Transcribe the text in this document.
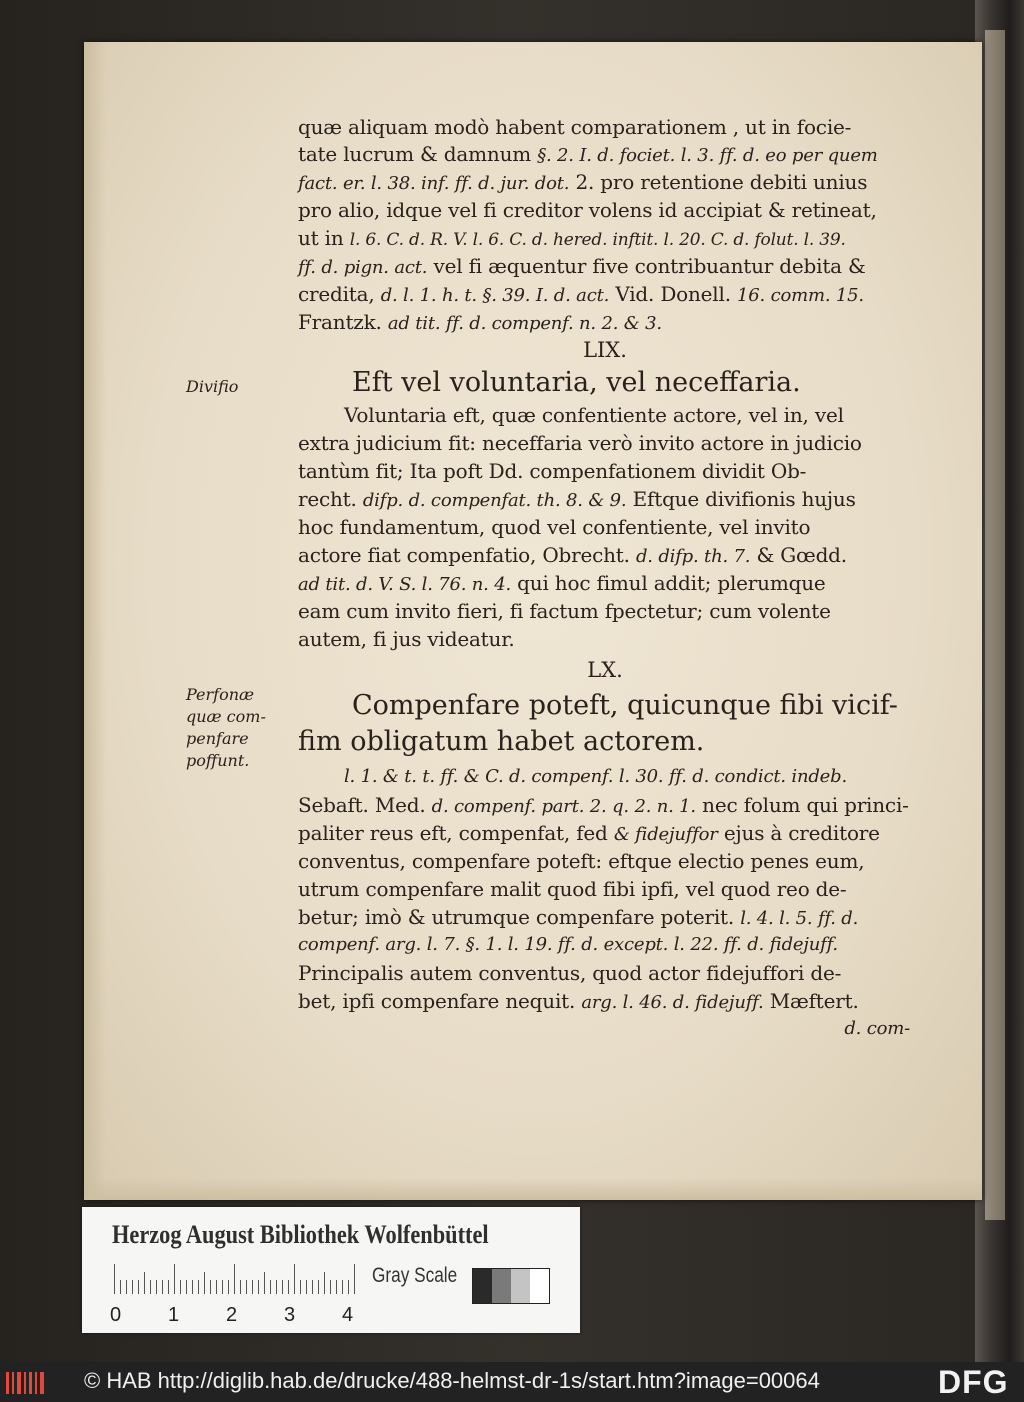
quæ aliquam modò habent comparationem , ut in focie-
tate lucrum & damnum §. 2. I. d. fociet. l. 3. ff. d. eo per quem
fact. er. l. 38. inf. ff. d. jur. dot. 2. pro retentione debiti unius
pro alio, idque vel fi creditor volens id accipiat & retineat,
ut in l. 6. C. d. R. V. l. 6. C. d. hered. inftit. l. 20. C. d. folut. l. 39.
ff. d. pign. act. vel fi æquentur five contribuantur debita &
credita, d. l. 1. h. t. §. 39. I. d. act. Vid. Donell. 16. comm. 15.
Frantzk. ad tit. ff. d. compenf. n. 2. & 3.
LIX.
Divifio	Eft vel voluntaria, vel neceffaria.
Voluntaria eft, quæ confentiente actore, vel in, vel
extra judicium fit: neceffaria verò invito actore in judicio
tantùm fit; Ita poft Dd. compenfationem dividit Ob-
recht. difp. d. compenfat. th. 8. & 9. Eftque divifionis hujus
hoc fundamentum, quod vel confentiente, vel invito
actore fiat compenfatio, Obrecht. d. difp. th. 7. & Gœdd.
ad tit. d. V. S. l. 76. n. 4. qui hoc fimul addit; plerumque
eam cum invito fieri, fi factum fpectetur; cum volente
autem, fi jus videatur.
LX.
Perfonæ
quæ com-
penfare
poffunt.
Compenfare poteft, quicunque fibi vicif-
fim obligatum habet actorem.
l. 1. & t. t. ff. & C. d. compenf. l. 30. ff. d. condict. indeb.
Sebaft. Med. d. compenf. part. 2. q. 2. n. 1. nec folum qui princi-
paliter reus eft, compenfat, fed & fidejuffor ejus à creditore
conventus, compenfare poteft: eftque electio penes eum,
utrum compenfare malit quod fibi ipfi, vel quod reo de-
betur; imò & utrumque compenfare poterit. l. 4. l. 5. ff. d.
compenf. arg. l. 7. §. 1. l. 19. ff. d. except. l. 22. ff. d. fidejuff.
Principalis autem conventus, quod actor fidejuffori de-
bet, ipfi compenfare nequit. arg. l. 46. d. fidejuff. Mæftert.
d. com-
Herzog August Bibliothek Wolfenbüttel
0 1 2 3 4
Gray Scale
© HAB http://diglib.hab.de/drucke/488-helmst-dr-1s/start.htm?image=00064	DFG
